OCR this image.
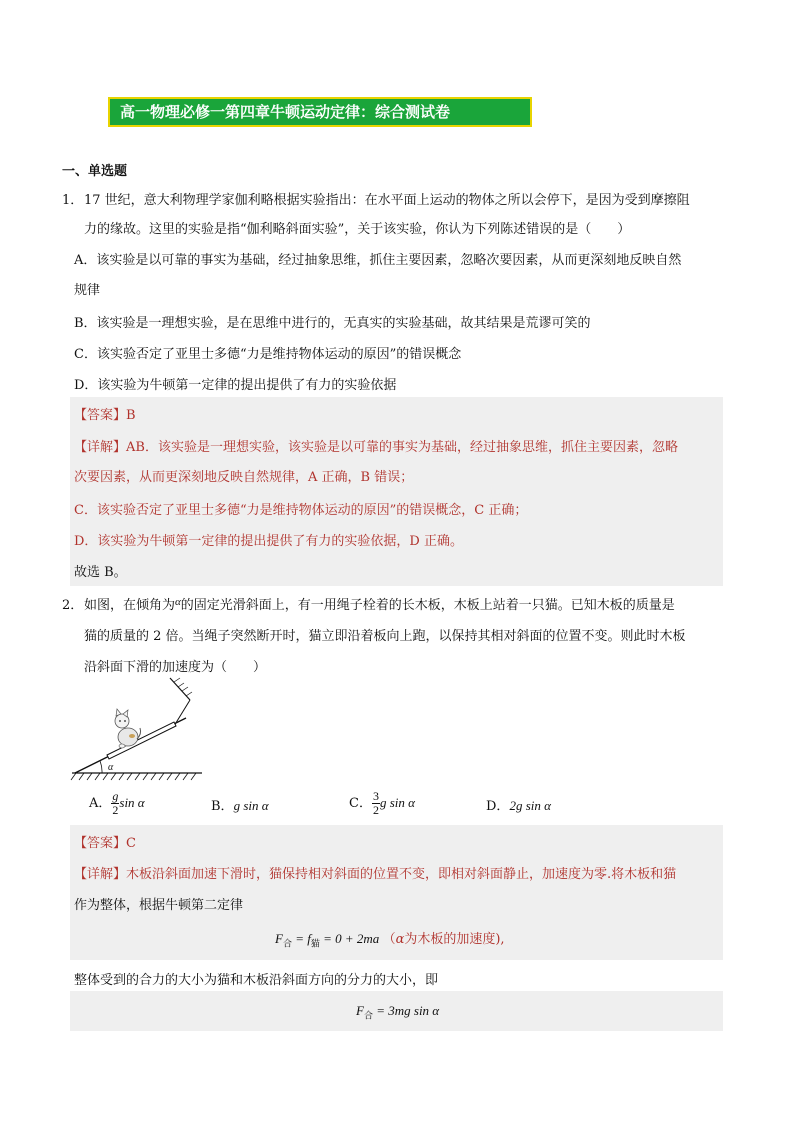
高一物理必修一第四章牛顿运动定律：综合测试卷
一、单选题
1． 17 世纪，意大利物理学家伽利略根据实验指出：在水平面上运动的物体之所以会停下，是因为受到摩擦阻
力的缘故。这里的实验是指“伽利略斜面实验”，关于该实验，你认为下列陈述错误的是（　　）
A．该实验是以可靠的事实为基础，经过抽象思维，抓住主要因素，忽略次要因素，从而更深刻地反映自然
规律
B．该实验是一理想实验，是在思维中进行的，无真实的实验基础，故其结果是荒谬可笑的
C．该实验否定了亚里士多德“力是维持物体运动的原因”的错误概念
D．该实验为牛顿第一定律的提出提供了有力的实验依据
【答案】B
【详解】AB．该实验是一理想实验，该实验是以可靠的事实为基础，经过抽象思维，抓住主要因素，忽略
次要因素，从而更深刻地反映自然规律，A 正确，B 错误；
C．该实验否定了亚里士多德“力是维持物体运动的原因”的错误概念，C 正确；
D．该实验为牛顿第一定律的提出提供了有力的实验依据，D 正确。
故选 B。
2． 如图，在倾角为$^\alpha$的固定光滑斜面上，有一用绳子栓着的长木板，木板上站着一只猫。已知木板的质量是
猫的质量的 2 倍。当绳子突然断开时，猫立即沿着板向上跑，以保持其相对斜面的位置不变。则此时木板
沿斜面下滑的加速度为（　　）
α
A． $\frac{g}{2}$ sin α	B．g sin α	C． $\frac{3}{2}$ g sin α	D．2g sin α
【答案】C
【详解】木板沿斜面加速下滑时，猫保持相对斜面的位置不变，即相对斜面静止，加速度为零.将木板和猫
作为整体，根据牛顿第二定律
$F_合 = f_猫 = 0 + 2ma$ （α为木板的加速度),
整体受到的合力的大小为猫和木板沿斜面方向的分力的大小，即
$F_合 = 3mg$ sin α
